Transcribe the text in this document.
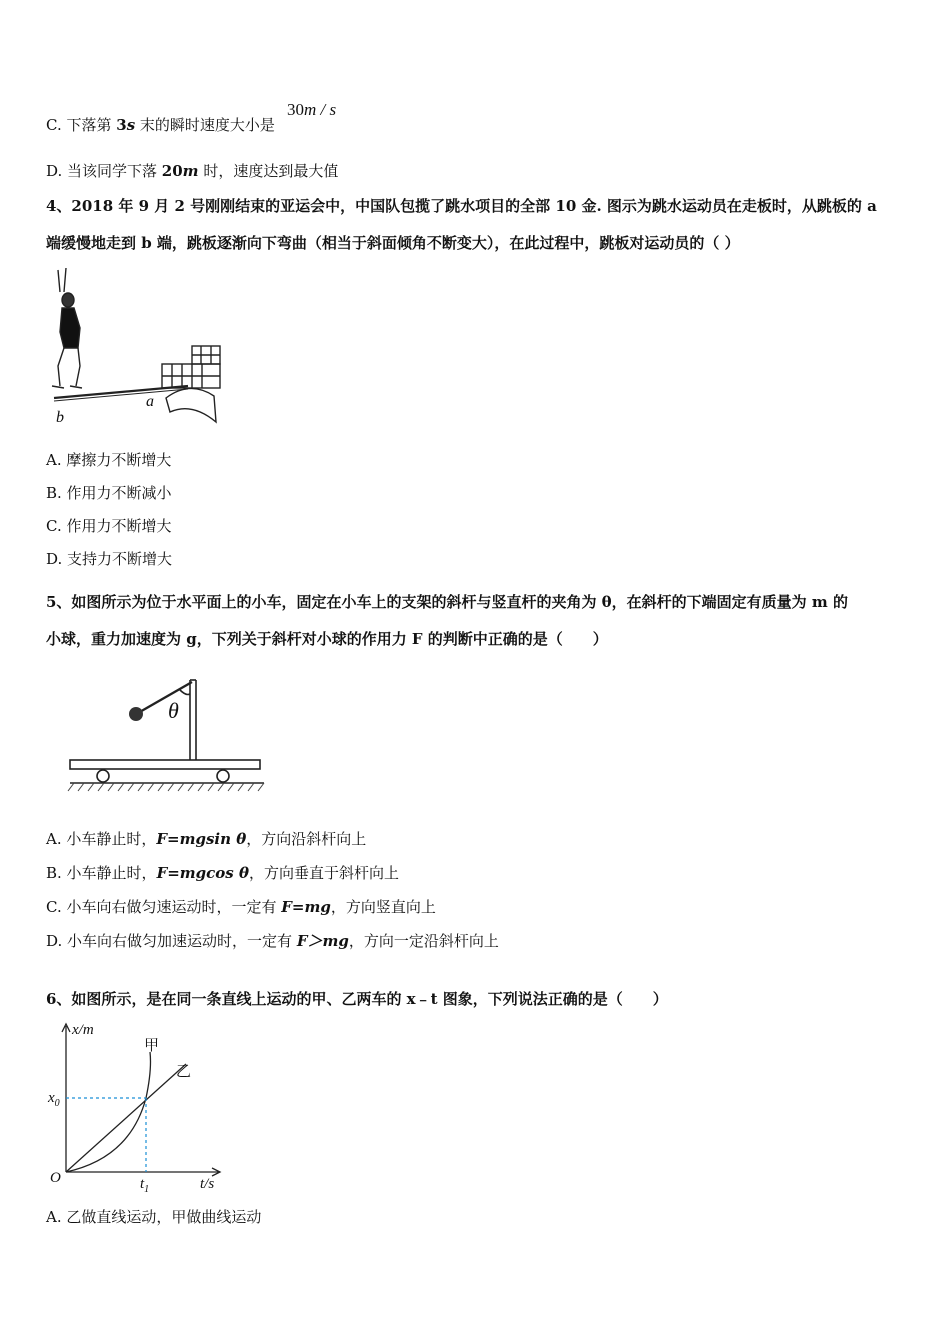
C. 下落第 3s 末的瞬时速度大小是
30m / s
D. 当该同学下落 20m 时，速度达到最大值
4、2018 年 9 月 2 号刚刚结束的亚运会中，中国队包揽了跳水项目的全部 10 金. 图示为跳水运动员在走板时，从跳板的 a
端缓慢地走到 b 端，跳板逐渐向下弯曲（相当于斜面倾角不断变大），在此过程中，跳板对运动员的（ ）
b
a
A. 摩擦力不断增大
B. 作用力不断减小
C. 作用力不断增大
D. 支持力不断增大
5、如图所示为位于水平面上的小车，固定在小车上的支架的斜杆与竖直杆的夹角为 θ，在斜杆的下端固定有质量为 m 的
小球，重力加速度为 g，下列关于斜杆对小球的作用力 F 的判断中正确的是（　　）
θ
A. 小车静止时，F=mgsin θ，方向沿斜杆向上
B. 小车静止时，F=mgcos θ，方向垂直于斜杆向上
C. 小车向右做匀速运动时，一定有 F=mg，方向竖直向上
D. 小车向右做匀加速运动时，一定有 F＞mg，方向一定沿斜杆向上
6、如图所示，是在同一条直线上运动的甲、乙两车的 x﹣t 图象，下列说法正确的是（　　）
x/m
t/s
O
$x_0$
$t_1$
甲
乙
A. 乙做直线运动，甲做曲线运动
